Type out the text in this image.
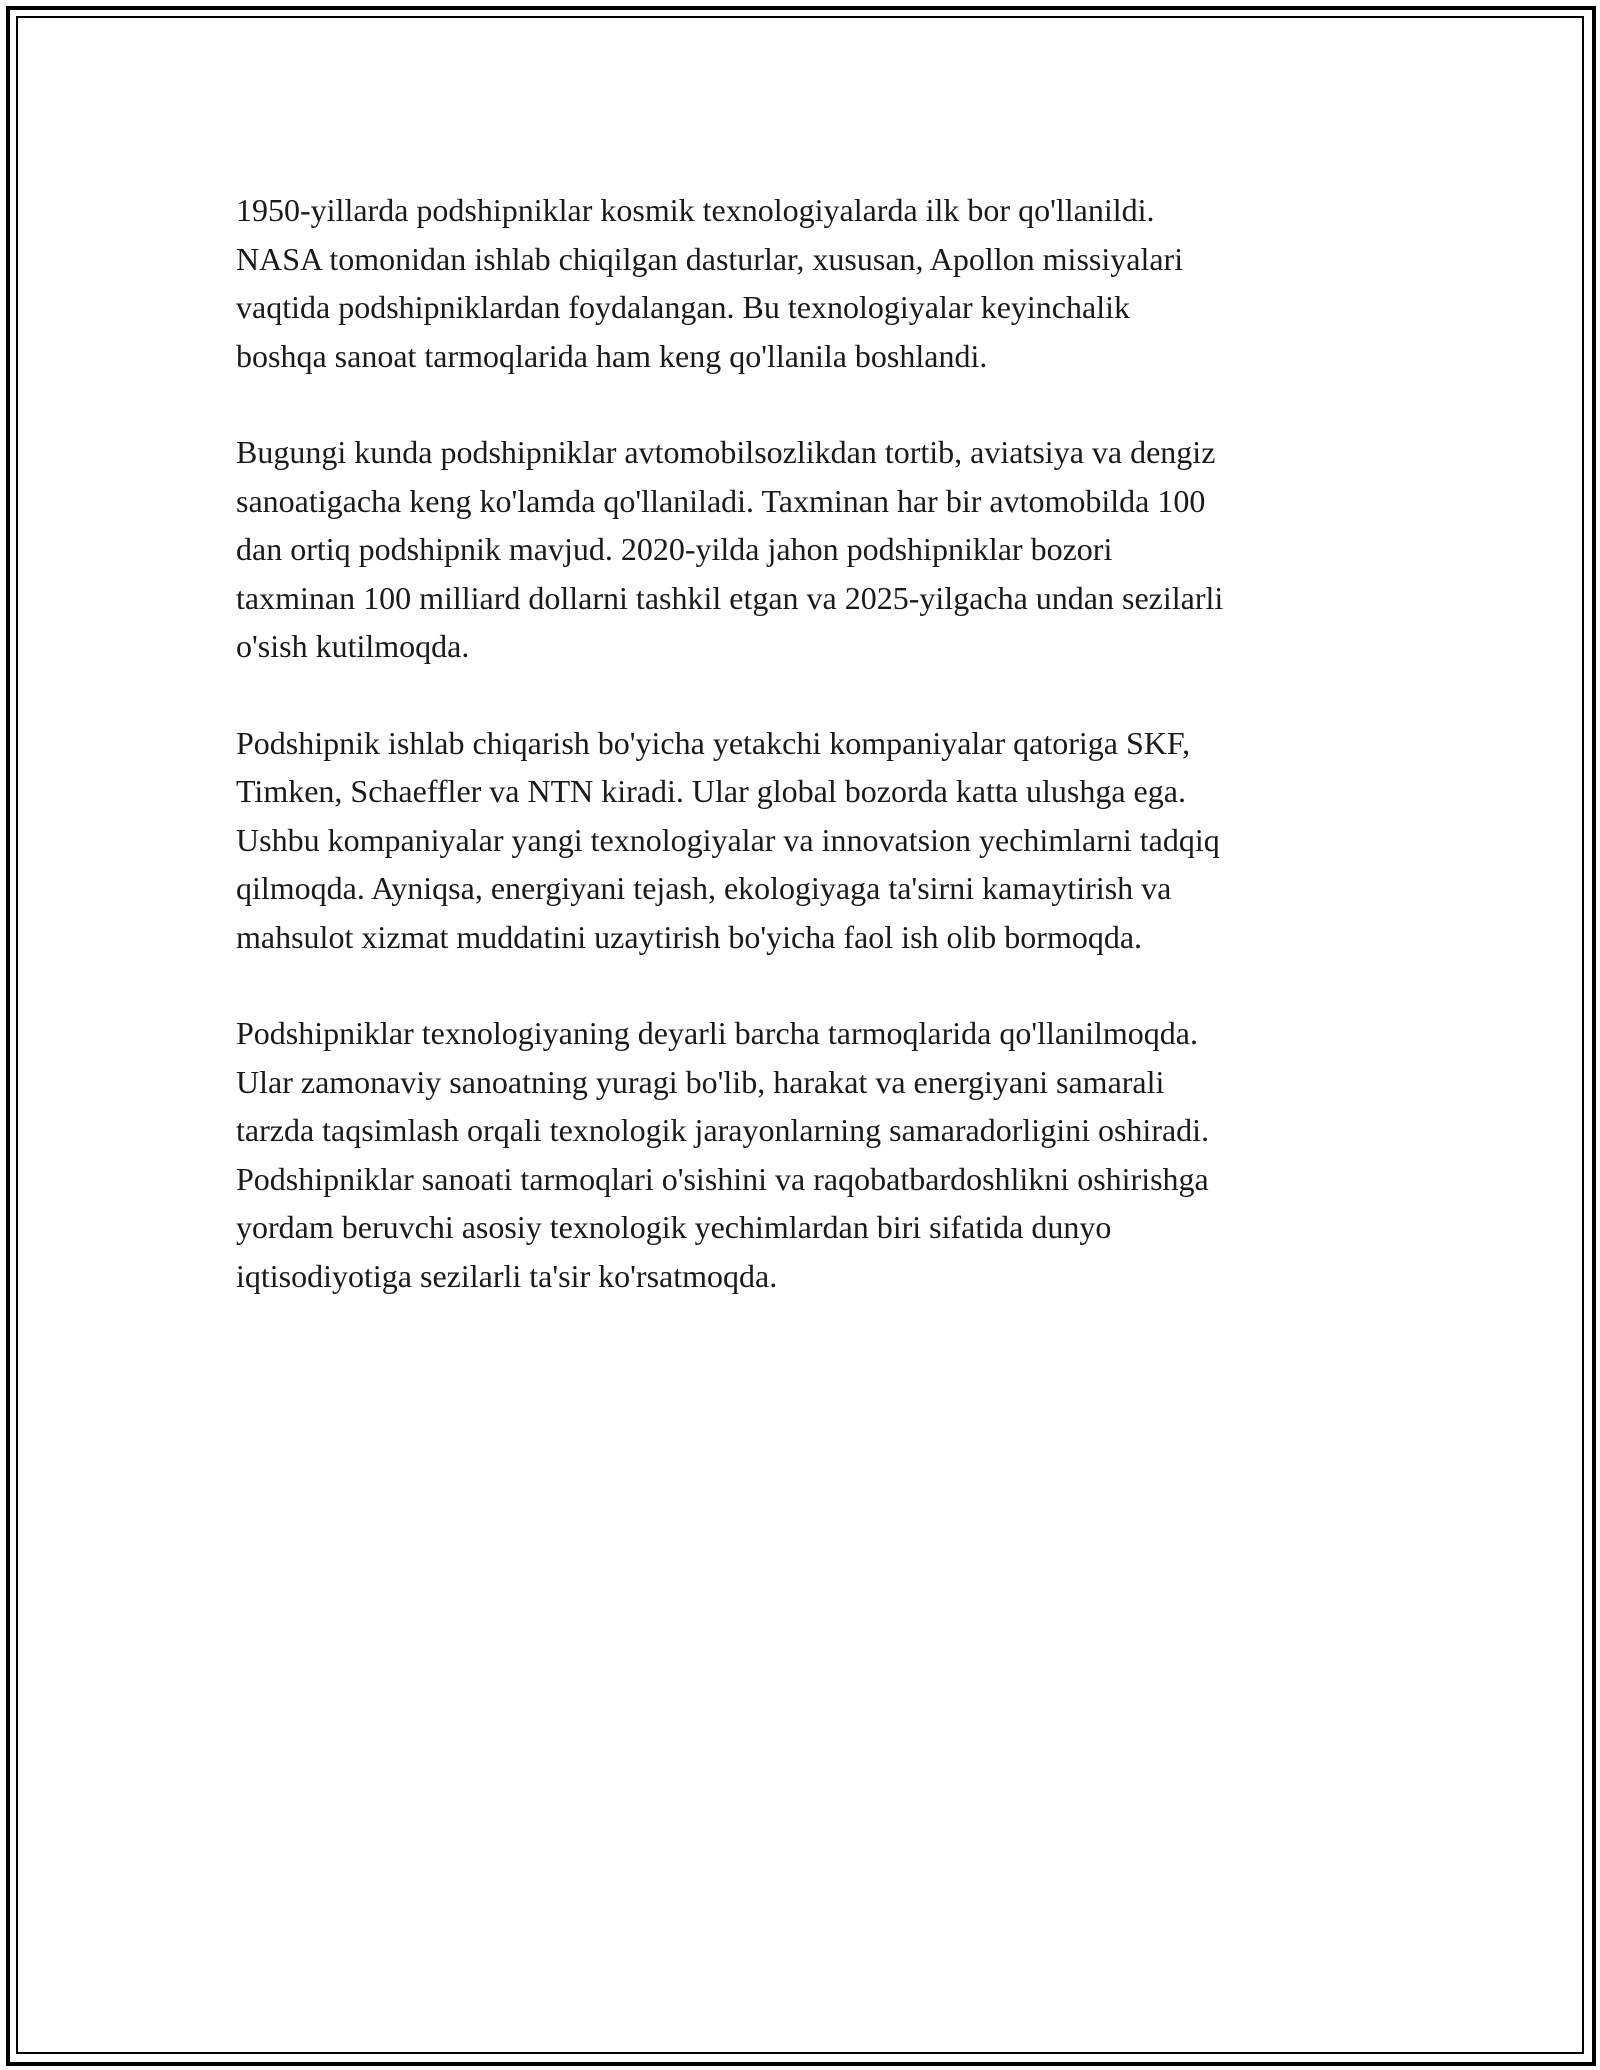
1950-yillarda podshipniklar kosmik texnologiyalarda ilk bor qo'llanildi.
NASA tomonidan ishlab chiqilgan dasturlar, xususan, Apollon missiyalari
vaqtida podshipniklardan foydalangan. Bu texnologiyalar keyinchalik
boshqa sanoat tarmoqlarida ham keng qo'llanila boshlandi.

Bugungi kunda podshipniklar avtomobilsozlikdan tortib, aviatsiya va dengiz
sanoatigacha keng ko'lamda qo'llaniladi. Taxminan har bir avtomobilda 100
dan ortiq podshipnik mavjud. 2020-yilda jahon podshipniklar bozori
taxminan 100 milliard dollarni tashkil etgan va 2025-yilgacha undan sezilarli
o'sish kutilmoqda.

Podshipnik ishlab chiqarish bo'yicha yetakchi kompaniyalar qatoriga SKF,
Timken, Schaeffler va NTN kiradi. Ular global bozorda katta ulushga ega.
Ushbu kompaniyalar yangi texnologiyalar va innovatsion yechimlarni tadqiq
qilmoqda. Ayniqsa, energiyani tejash, ekologiyaga ta'sirni kamaytirish va
mahsulot xizmat muddatini uzaytirish bo'yicha faol ish olib bormoqda.

Podshipniklar texnologiyaning deyarli barcha tarmoqlarida qo'llanilmoqda.
Ular zamonaviy sanoatning yuragi bo'lib, harakat va energiyani samarali
tarzda taqsimlash orqali texnologik jarayonlarning samaradorligini oshiradi.
Podshipniklar sanoati tarmoqlari o'sishini va raqobatbardoshlikni oshirishga
yordam beruvchi asosiy texnologik yechimlardan biri sifatida dunyo
iqtisodiyotiga sezilarli ta'sir ko'rsatmoqda.
